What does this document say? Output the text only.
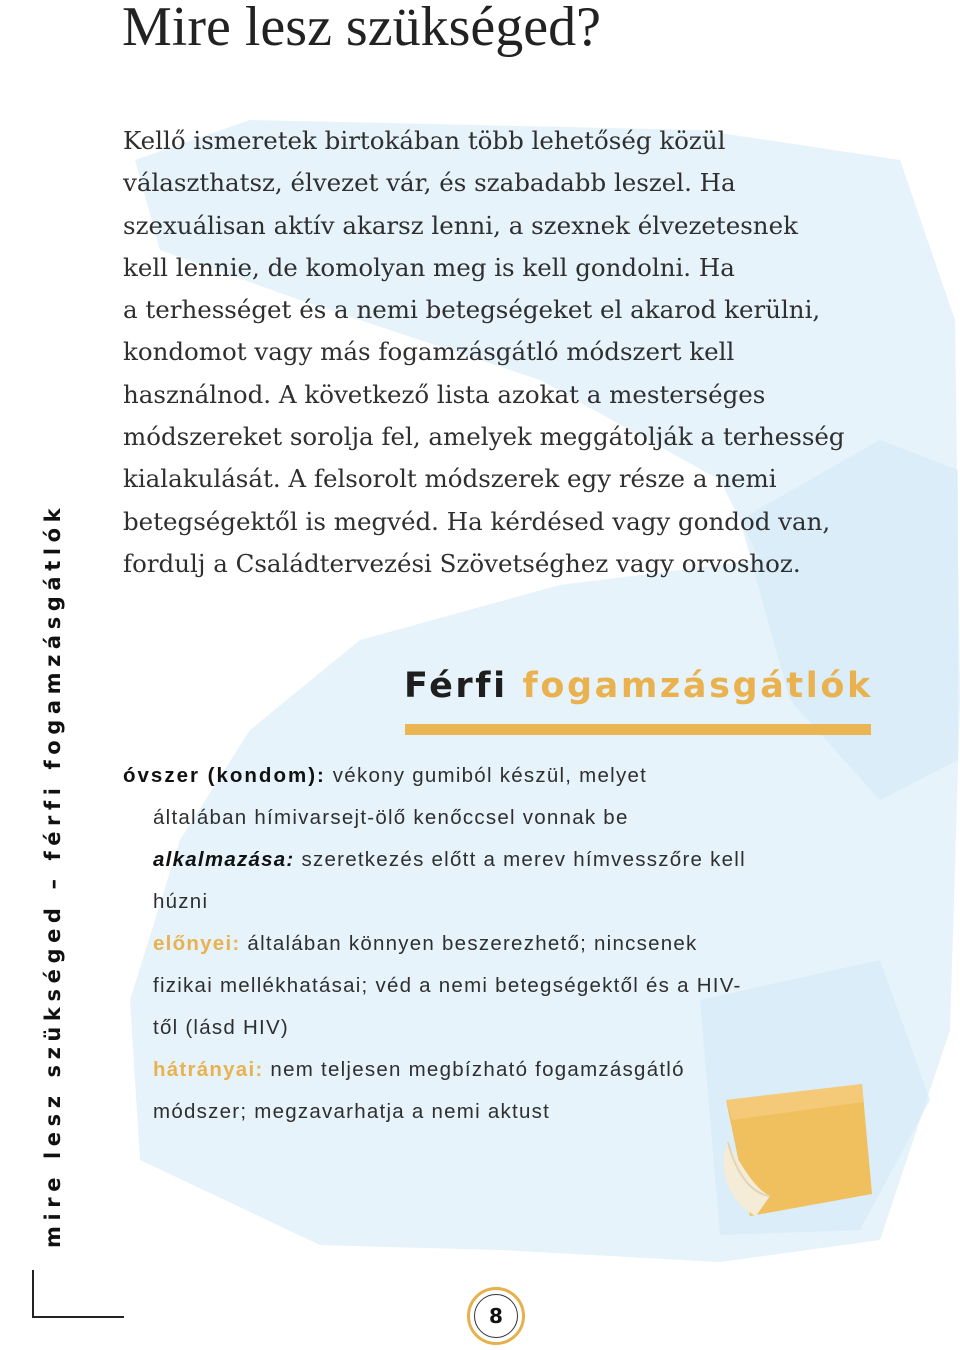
Mire lesz szükséged?
Kellő ismeretek birtokában több lehetőség közül
választhatsz, élvezet vár, és szabadabb leszel. Ha
szexuálisan aktív akarsz lenni, a szexnek élvezetesnek
kell lennie, de komolyan meg is kell gondolni. Ha
a terhességet és a nemi betegségeket el akarod kerülni,
kondomot vagy más fogamzásgátló módszert kell
használnod. A következő lista azokat a mesterséges
módszereket sorolja fel, amelyek meggátolják a terhesség
kialakulását. A felsorolt módszerek egy része a nemi
betegségektől is megvéd. Ha kérdésed vagy gondod van,
fordulj a Családtervezési Szövetséghez vagy orvoshoz.
mire lesz szükséged – férfi fogamzásgátlók	Férfi fogamzásgátlók
óvszer (kondom): vékony gumiból készül, melyet
általában hímivarsejt-ölő kenőccsel vonnak be
alkalmazása: szeretkezés előtt a merev hímvesszőre kell
húzni
előnyei: általában könnyen beszerezhető; nincsenek
fizikai mellékhatásai; véd a nemi betegségektől és a HIV-
től (lásd HIV)
hátrányai: nem teljesen megbízható fogamzásgátló
módszer; megzavarhatja a nemi aktust
8
